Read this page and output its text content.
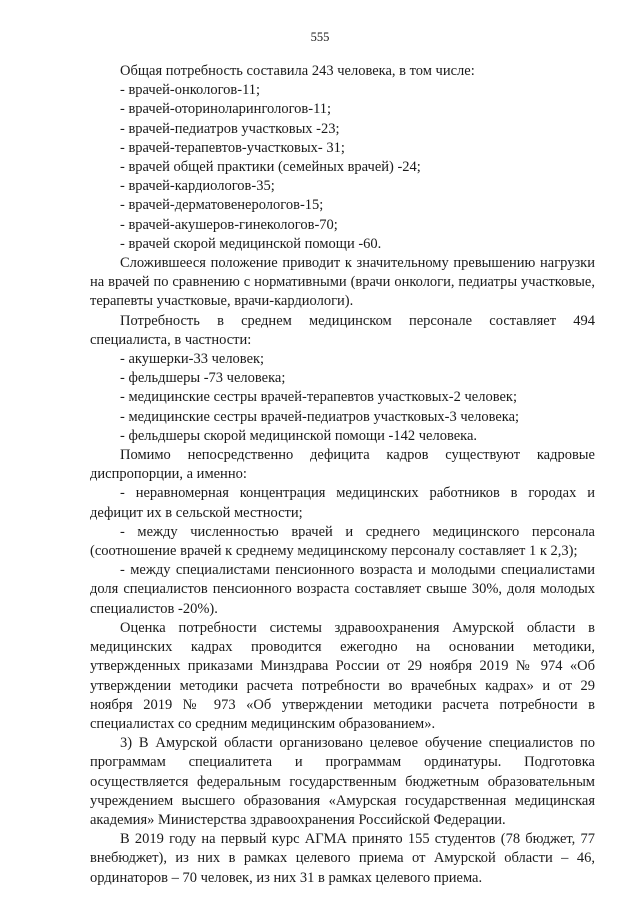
555

Общая потребность составила 243 человека, в том числе:

- врачей-онкологов-11;

- врачей-оториноларингологов-11;

- врачей-педиатров участковых -23;

- врачей-терапевтов-участковых- 31;

- врачей общей практики (семейных врачей) -24;

- врачей-кардиологов-35;

- врачей-дерматовенерологов-15;

- врачей-акушеров-гинекологов-70;

- врачей скорой медицинской помощи -60.

Сложившееся положение приводит к значительному превышению нагрузки на врачей по сравнению с нормативными (врачи онкологи, педиатры участковые, терапевты участковые, врачи-кардиологи).

Потребность в среднем медицинском персонале составляет 494 специалиста, в частности:

- акушерки-33 человек;

- фельдшеры -73 человека;

- медицинские сестры врачей-терапевтов участковых-2 человек;

- медицинские сестры врачей-педиатров участковых-3 человека;

- фельдшеры скорой медицинской помощи -142 человека.

Помимо непосредственно дефицита кадров существуют кадровые диспропорции, а именно:

- неравномерная концентрация медицинских работников в городах и дефицит их в сельской местности;

- между численностью врачей и среднего медицинского персонала (соотношение врачей к среднему медицинскому персоналу составляет 1 к 2,3);

- между специалистами пенсионного возраста и молодыми специалистами доля специалистов пенсионного возраста составляет свыше 30%, доля молодых специалистов -20%).

Оценка потребности системы здравоохранения Амурской области в медицинских кадрах проводится ежегодно на основании методики, утвержденных приказами Минздрава России от 29 ноября 2019 № 974 «Об утверждении методики расчета потребности во врачебных кадрах» и от 29 ноября 2019 № 973 «Об утверждении методики расчета потребности в специалистах со средним медицинским образованием».

3) В Амурской области организовано целевое обучение специалистов по программам специалитета и программам ординатуры. Подготовка осуществляется федеральным государственным бюджетным образовательным учреждением высшего образования «Амурская государственная медицинская академия» Министерства здравоохранения Российской Федерации.

В 2019 году на первый курс АГМА принято 155 студентов (78 бюджет, 77 внебюджет), из них в рамках целевого приема от Амурской области – 46, ординаторов – 70 человек, из них 31 в рамках целевого приема.
